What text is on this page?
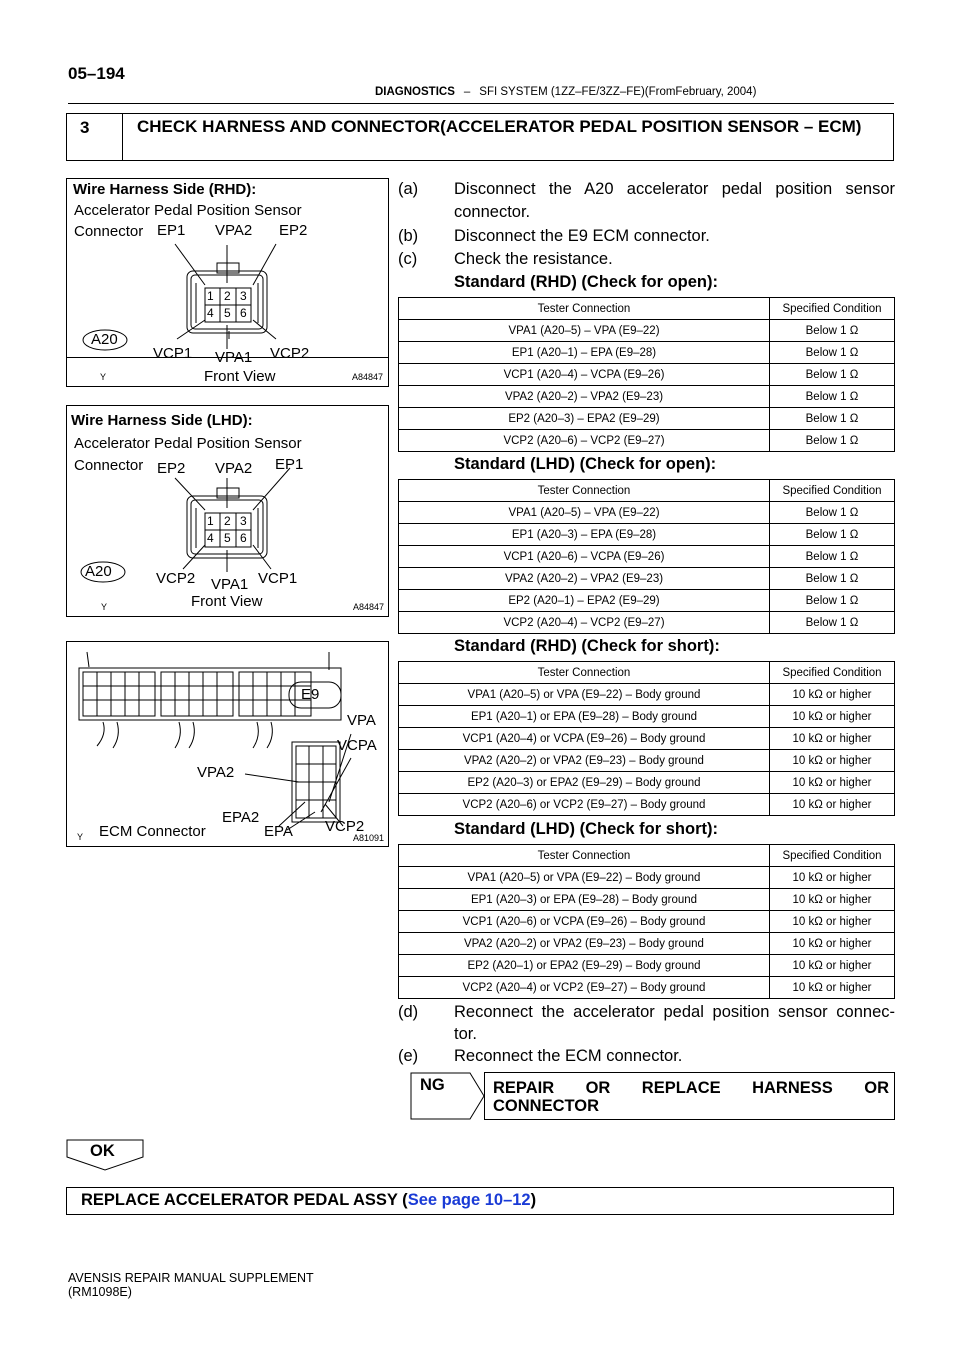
05–194
DIAGNOSTICS – SFI SYSTEM (1ZZ–FE/3ZZ–FE)(FromFebruary, 2004)
3	CHECK HARNESS AND CONNECTOR(ACCELERATOR PEDAL POSITION SENSOR – ECM)
Wire Harness Side (RHD):
Accelerator Pedal Position Sensor
Connector EP1 VPA2 EP2
1 2 3
4 5 6
A20
VCP1 VPA1 VCP2
Front View
Y	A84847
Wire Harness Side (LHD):
Accelerator Pedal Position Sensor
Connector EP2 VPA2 EP1
1 2 3
4 5 6
A20	VCP2 VPA1 VCP1
Front View
Y	A84847
E9
VPA
VCPA
VPA2
EPA2
EPA VCP2
ECM Connector
Y	A81091
(a) Disconnect the A20 accelerator pedal position sensor
connector.
(b) Disconnect the E9 ECM connector.
(c) Check the resistance.
Standard (RHD) (Check for open):
Tester Connection	Specified Condition
VPA1 (A20–5) – VPA (E9–22)	Below 1 Ω
EP1 (A20–1) – EPA (E9–28)	Below 1 Ω
VCP1 (A20–4) – VCPA (E9–26)	Below 1 Ω
VPA2 (A20–2) – VPA2 (E9–23)	Below 1 Ω
EP2 (A20–3) – EPA2 (E9–29)	Below 1 Ω
VCP2 (A20–6) – VCP2 (E9–27)	Below 1 Ω
Standard (LHD) (Check for open):
Tester Connection	Specified Condition
VPA1 (A20–5) – VPA (E9–22)	Below 1 Ω
EP1 (A20–3) – EPA (E9–28)	Below 1 Ω
VCP1 (A20–6) – VCPA (E9–26)	Below 1 Ω
VPA2 (A20–2) – VPA2 (E9–23)	Below 1 Ω
EP2 (A20–1) – EPA2 (E9–29)	Below 1 Ω
VCP2 (A20–4) – VCP2 (E9–27)	Below 1 Ω
Standard (RHD) (Check for short):
Tester Connection	Specified Condition
VPA1 (A20–5) or VPA (E9–22) – Body ground	10 kΩ or higher
EP1 (A20–1) or EPA (E9–28) – Body ground	10 kΩ or higher
VCP1 (A20–4) or VCPA (E9–26) – Body ground	10 kΩ or higher
VPA2 (A20–2) or VPA2 (E9–23) – Body ground	10 kΩ or higher
EP2 (A20–3) or EPA2 (E9–29) – Body ground	10 kΩ or higher
VCP2 (A20–6) or VCP2 (E9–27) – Body ground	10 kΩ or higher
Standard (LHD) (Check for short):
Tester Connection	Specified Condition
VPA1 (A20–5) or VPA (E9–22) – Body ground	10 kΩ or higher
EP1 (A20–3) or EPA (E9–28) – Body ground	10 kΩ or higher
VCP1 (A20–6) or VCPA (E9–26) – Body ground	10 kΩ or higher
VPA2 (A20–2) or VPA2 (E9–23) – Body ground	10 kΩ or higher
EP2 (A20–1) or EPA2 (E9–29) – Body ground	10 kΩ or higher
VCP2 (A20–4) or VCP2 (E9–27) – Body ground	10 kΩ or higher
(d) Reconnect the accelerator pedal position sensor connec-
tor.
(e) Reconnect the ECM connector.
NG	REPAIR OR REPLACE HARNESS OR
CONNECTOR
OK
REPLACE ACCELERATOR PEDAL ASSY (See page 10–12)
AVENSIS REPAIR MANUAL SUPPLEMENT
(RM1098E)
